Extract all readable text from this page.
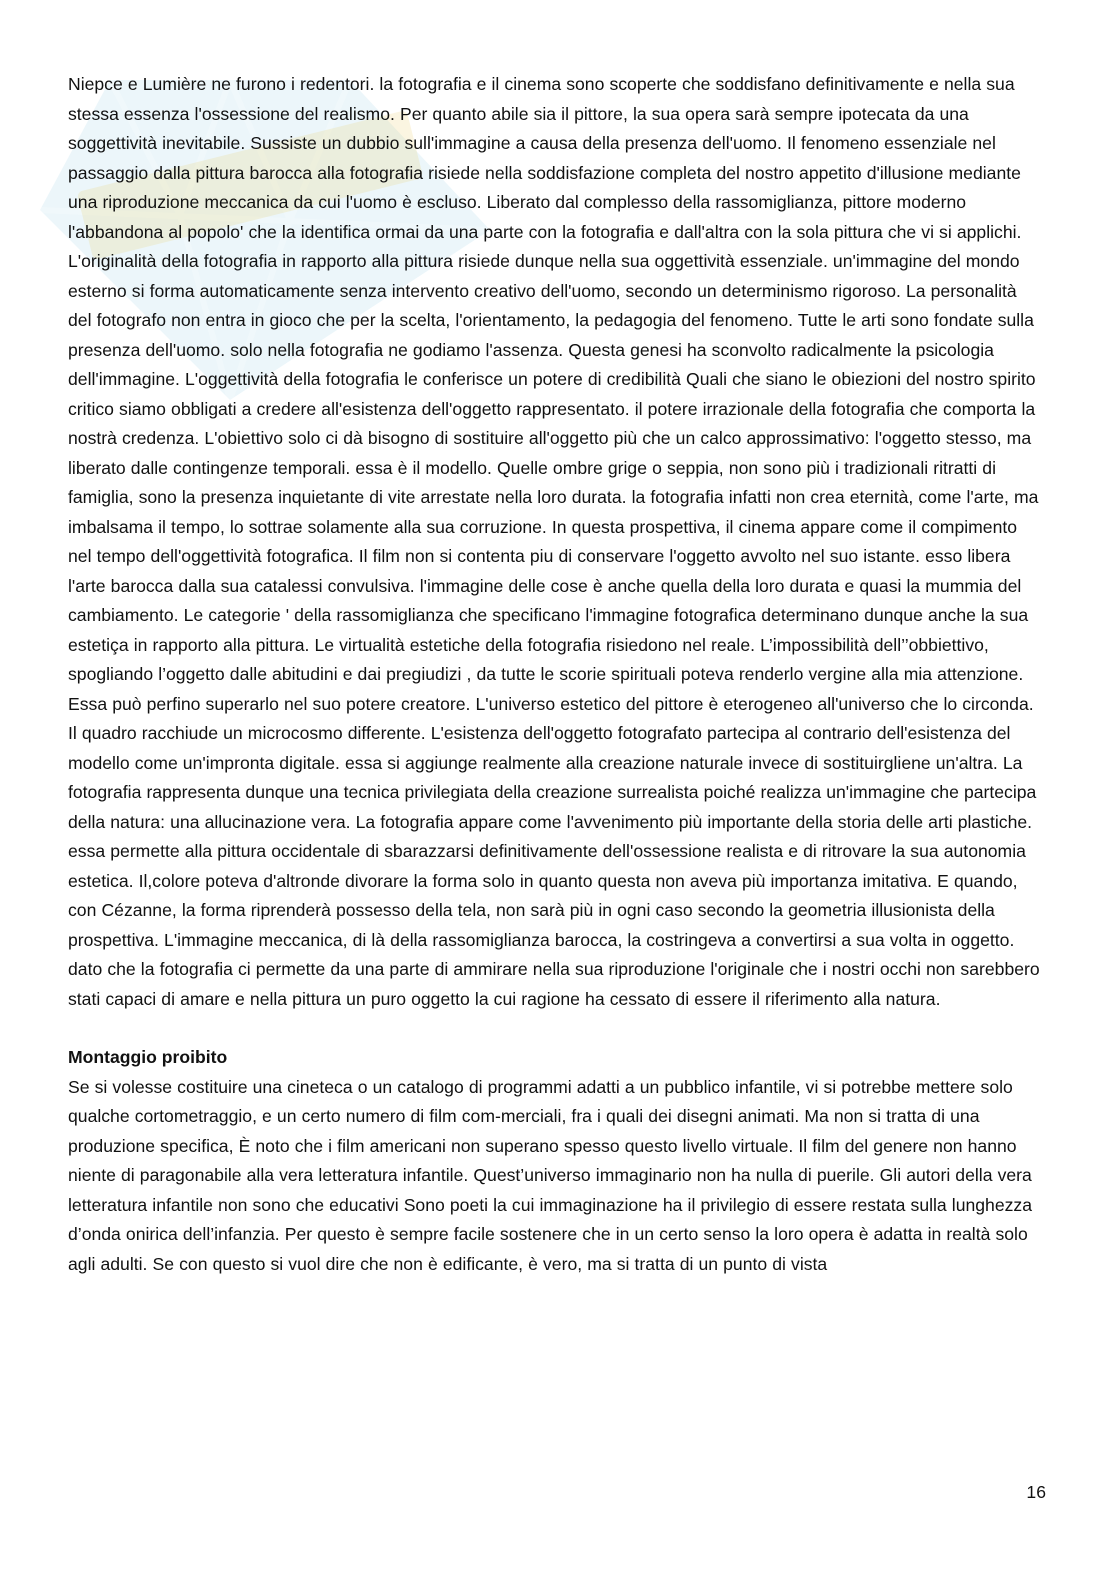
Niepce e Lumière ne furono i redentori. la fotografia e il cinema sono scoperte che soddisfano definitivamente e nella sua stessa essenza l'ossessione del realismo. Per quanto abile sia il pittore, la sua opera sarà sempre ipotecata da una soggettività inevitabile. Sussiste un dubbio sull'immagine a causa della presenza dell'uomo. Il fenomeno essenziale nel passaggio dalla pittura barocca alla fotografia risiede nella soddisfazione completa del nostro appetito d'illusione mediante una riproduzione meccanica da cui l'uomo è escluso. Liberato dal complesso della rassomiglianza, pittore moderno l'abbandona al popolo' che la identifica ormai da una parte con la fotografia e dall'altra con la sola pittura che vi si applichi. L'originalità della fotografia in rapporto alla pittura risiede dunque nella sua oggettività essenziale. un'immagine del mondo esterno si forma automaticamente senza intervento creativo dell'uomo, secondo un determinismo rigoroso. La personalità del fotografo non entra in gioco che per la scelta, l'orientamento, la pedagogia del fenomeno. Tutte le arti sono fondate sulla presenza dell'uomo. solo nella fotografia ne godiamo l'assenza. Questa genesi ha sconvolto radicalmente la psicologia dell'immagine. L'oggettività della fotografia le conferisce un potere di credibilità Quali che siano le obiezioni del nostro spirito critico siamo obbligati a credere all'esistenza dell'oggetto rappresentato. il potere irrazionale della fotografia che comporta la nostrà credenza. L'obiettivo solo ci dà bisogno di sostituire all'oggetto più che un calco approssimativo: l'oggetto stesso, ma liberato dalle contingenze temporali. essa è il modello. Quelle ombre grige o seppia, non sono più i tradizionali ritratti di famiglia, sono la presenza inquietante di vite arrestate nella loro durata. la fotografia infatti non crea eternità, come l'arte, ma imbalsama il tempo, lo sottrae solamente alla sua corruzione. In questa prospettiva, il cinema appare come il compimento nel tempo dell'oggettività fotografica. Il film non si contenta piu di conservare l'oggetto avvolto nel suo istante. esso libera l'arte barocca dalla sua catalessi convulsiva. l'immagine delle cose è anche quella della loro durata e quasi la mummia del cambiamento. Le categorie ' della rassomiglianza che specificano l'immagine fotografica determinano dunque anche la sua estetiça in rapporto alla pittura. Le virtualità estetiche della fotografia risiedono nel reale. L’impossibilità dell’’obbiettivo, spogliando l’oggetto dalle abitudini e dai pregiudizi , da tutte le scorie spirituali poteva renderlo vergine alla mia attenzione. Essa può perfino superarlo nel suo potere creatore. L'universo estetico del pittore è eterogeneo all'universo che lo circonda. Il quadro racchiude un microcosmo differente. L'esistenza dell'oggetto fotografato partecipa al contrario dell'esistenza del modello come un'impronta digitale. essa si aggiunge realmente alla creazione naturale invece di sostituirgliene un'altra. La fotografia rappresenta dunque una tecnica privilegiata della creazione surrealista poiché realizza un'immagine che partecipa della natura: una allucinazione vera. La fotografia appare come l'avvenimento più importante della storia delle arti plastiche. essa permette alla pittura occidentale di sbarazzarsi definitivamente dell'ossessione realista e di ritrovare la sua autonomia estetica. Il,colore poteva d'altronde divorare la forma solo in quanto questa non aveva più importanza imitativa. E quando, con Cézanne, la forma riprenderà possesso della tela, non sarà più in ogni caso secondo la geometria illusionista della prospettiva. L'immagine meccanica, di là della rassomiglianza barocca, la costringeva a convertirsi a sua volta in oggetto. dato che la fotografia ci permette da una parte di ammirare nella sua riproduzione l'originale che i nostri occhi non sarebbero stati capaci di amare e nella pittura un puro oggetto la cui ragione ha cessato di essere il riferimento alla natura.

Montaggio proibito

Se si volesse costituire una cineteca o un catalogo di programmi adatti a un pubblico infantile, vi si potrebbe mettere solo qualche cortometraggio, e un certo numero di film com-merciali, fra i quali dei disegni animati. Ma non si tratta di una produzione specifica, È noto che i film americani non superano spesso questo livello virtuale. Il film del genere non hanno niente di paragonabile alla vera letteratura infantile. Quest’universo immaginario non ha nulla di puerile. Gli autori della vera letteratura infantile non sono che educativi Sono poeti la cui immaginazione ha il privilegio di essere restata sulla lunghezza d’onda onirica dell’infanzia. Per questo è sempre facile sostenere che in un certo senso la loro opera è adatta in realtà solo agli adulti. Se con questo si vuol dire che non è edificante, è vero, ma si tratta di un punto di vista

16
